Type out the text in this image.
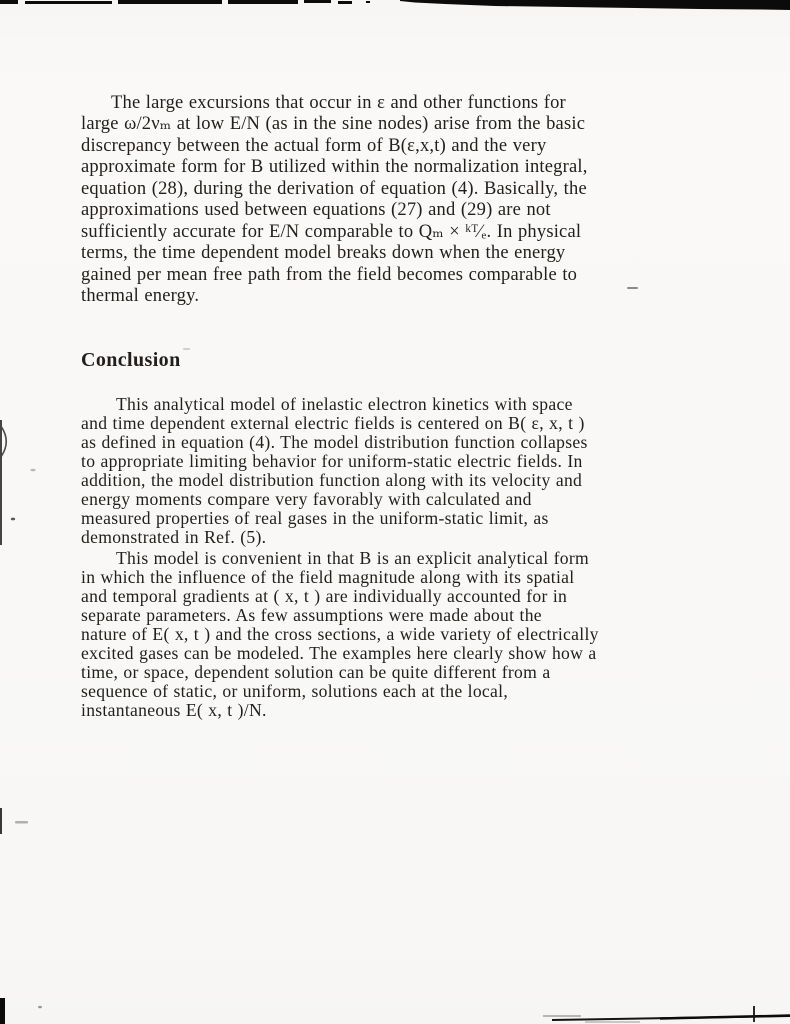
The large excursions that occur in ε and other functions for
large ω/2νₘ at low E/N (as in the sine nodes) arise from the basic
discrepancy between the actual form of B(ε,x,t) and the very
approximate form for B utilized within the normalization integral,
equation (28), during the derivation of equation (4). Basically, the
approximations used between equations (27) and (29) are not
sufficiently accurate for E/N comparable to Qₘ × ᵏᵀ⁄ₑ. In physical
terms, the time dependent model breaks down when the energy
gained per mean free path from the field becomes comparable to
thermal energy.
Conclusion
This analytical model of inelastic electron kinetics with space
and time dependent external electric fields is centered on B( ε, x, t )
as defined in equation (4). The model distribution function collapses
to appropriate limiting behavior for uniform-static electric fields. In
addition, the model distribution function along with its velocity and
energy moments compare very favorably with calculated and
measured properties of real gases in the uniform-static limit, as
demonstrated in Ref. (5).
This model is convenient in that B is an explicit analytical form
in which the influence of the field magnitude along with its spatial
and temporal gradients at ( x, t ) are individually accounted for in
separate parameters. As few assumptions were made about the
nature of E( x, t ) and the cross sections, a wide variety of electrically
excited gases can be modeled. The examples here clearly show how a
time, or space, dependent solution can be quite different from a
sequence of static, or uniform, solutions each at the local,
instantaneous E( x, t )/N.
